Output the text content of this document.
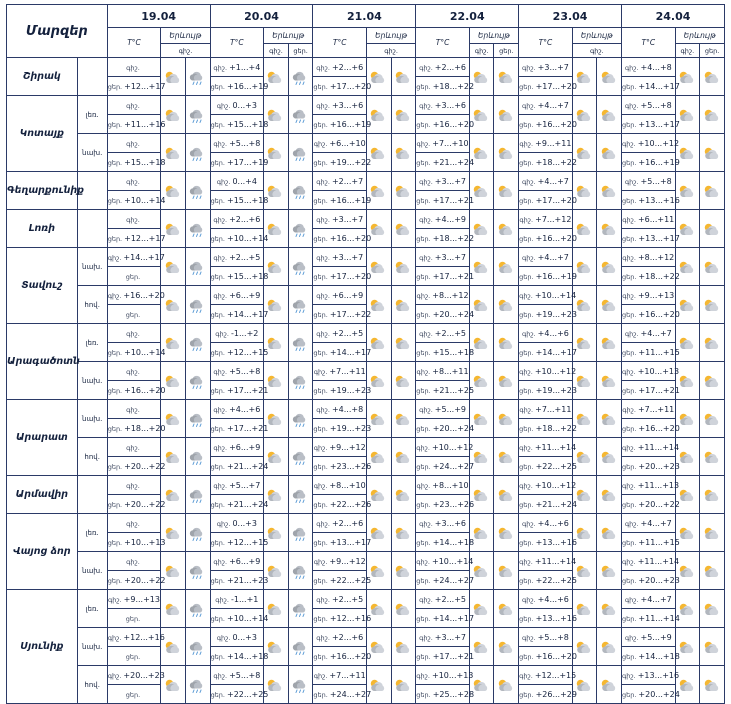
Մարզեր		19.04			20.04			21.04			22.04			23.04			24.04		
		T°C	Երևույթ		T°C	Երևույթ		T°C	Երևույթ		T°C	Երևույթ		T°C	Երևույթ		T°C	Երևույթ	
			գիշ.			գիշ.	ցեր.		գիշ.			գիշ.	ցեր.		գիշ.			գիշ.	ցեր.
Շիրակ		գիշ.			գիշ. +1...+4			գիշ. +2...+6			գիշ. +2...+6			գիշ. +3...+7			գիշ. +4...+8		
		ցեր. +12...+17			ցեր. +16...+19			ցեր. +17...+20			ցեր. +18...+22			ցեր. +17...+20			ցեր. +14...+17		
Կոտայք	լեռ.	գիշ.			գիշ. 0...+3			գիշ. +3...+6			գիշ. +3...+6			գիշ. +4...+7			գիշ. +5...+8		
		ցեր. +11...+16			ցեր. +15...+18			ցեր. +16...+19			ցեր. +16...+20			ցեր. +16...+20			ցեր. +13...+17		

	նախ.	գիշ.			գիշ. +5...+8			գիշ. +6...+10			գիշ. +7...+10			գիշ. +9...+11			գիշ. +10...+12		
		ցեր. +15...+18			ցեր. +17...+19			ցեր. +19...+22			ցեր. +21...+24			ցեր. +18...+22			ցեր. +16...+19		
Գեղարքունիք		գիշ.			գիշ. 0...+4			գիշ. +2...+7			գիշ. +3...+7			գիշ. +4...+7			գիշ. +5...+8		
		ցեր. +10...+14			ցեր. +15...+18			ցեր. +16...+19			ցեր. +17...+21			ցեր. +17...+20			ցեր. +13...+16		
Լոռի		գիշ.			գիշ. +2...+6			գիշ. +3...+7			գիշ. +4...+9			գիշ. +7...+12			գիշ. +6...+11		
		ցեր. +12...+17			ցեր. +10...+14			ցեր. +16...+20			ցեր. +18...+22			ցեր. +16...+20			ցեր. +13...+17		
Տավուշ	նախ.	գիշ. +14...+17			գիշ. +2...+5			գիշ. +3...+7			գիշ. +3...+7			գիշ. +4...+7			գիշ. +8...+12		
		ցեր.			ցեր. +15...+18			ցեր. +17...+20			ցեր. +17...+21			ցեր. +16...+19			ցեր. +18...+22		

	հով.	գիշ. +16...+20			գիշ. +6...+9			գիշ. +6...+9			գիշ. +8...+12			գիշ. +10...+14			գիշ. +9...+13		
		ցեր.			ցեր. +14...+17			ցեր. +17...+22			ցեր. +20...+24			ցեր. +19...+23			ցեր. +16...+20		
Արագածոտն	լեռ.	գիշ.			գիշ. -1...+2			գիշ. +2...+5			գիշ. +2...+5			գիշ. +4...+6			գիշ. +4...+7		
		ցեր. +10...+14			ցեր. +12...+15			ցեր. +14...+17			ցեր. +15...+18			ցեր. +14...+17			ցեր. +11...+15		

	նախ.	գիշ.			գիշ. +5...+8			գիշ. +7...+11			գիշ. +8...+11			գիշ. +10...+12			գիշ. +10...+13		
		ցեր. +16...+20			ցեր. +17...+21			ցեր. +19...+23			ցեր. +21...+25			ցեր. +19...+23			ցեր. +17...+21		
Արարատ	նախ.	գիշ.			գիշ. +4...+6			գիշ. +4...+8			գիշ. +5...+9			գիշ. +7...+11			գիշ. +7...+11		
		ցեր. +18...+20			ցեր. +17...+21			ցեր. +19...+23			ցեր. +20...+24			ցեր. +18...+22			ցեր. +16...+20		

	հով.	գիշ.			գիշ. +6...+9			գիշ. +9...+12			գիշ. +10...+12			գիշ. +11...+14			գիշ. +11...+14		
		ցեր. +20...+22			ցեր. +21...+24			ցեր. +23...+26			ցեր. +24...+27			ցեր. +22...+25			ցեր. +20...+23		
Արմավիր		գիշ.			գիշ. +5...+7			գիշ. +8...+10			գիշ. +8...+10			գիշ. +10...+12			գիշ. +11...+13		
		ցեր. +20...+22			ցեր. +21...+24			ցեր. +22...+26			ցեր. +23...+26			ցեր. +21...+24			ցեր. +20...+22		
Վայոց ձոր	լեռ.	գիշ.			գիշ. 0...+3			գիշ. +2...+6			գիշ. +3...+6			գիշ. +4...+6			գիշ. +4...+7		
		ցեր. +10...+13			ցեր. +12...+15			ցեր. +13...+17			ցեր. +14...+18			ցեր. +13...+16			ցեր. +11...+15		

	նախ.	գիշ.			գիշ. +6...+9			գիշ. +9...+12			գիշ. +10...+14			գիշ. +11...+14			գիշ. +11...+14		
		ցեր. +20...+22			ցեր. +21...+23			ցեր. +22...+25			ցեր. +24...+27			ցեր. +22...+25			ցեր. +20...+23		
Սյունիք	լեռ.	գիշ. +9...+13			գիշ. -1...+1			գիշ. +2...+5			գիշ. +2...+5			գիշ. +4...+6			գիշ. +4...+7		
		ցեր.			ցեր. +10...+14			ցեր. +12...+16			ցեր. +14...+17			ցեր. +13...+16			ցեր. +11...+14		

	նախ.	գիշ. +12...+16			գիշ. 0...+3			գիշ. +2...+6			գիշ. +3...+7			գիշ. +5...+8			գիշ. +5...+9		
		ցեր.			ցեր. +14...+18			ցեր. +16...+20			ցեր. +17...+21			ցեր. +16...+20			ցեր. +14...+18		

	հով.	գիշ. +20...+23			գիշ. +5...+8			գիշ. +7...+11			գիշ. +10...+13			գիշ. +12...+15			գիշ. +13...+16		
		ցեր.			ցեր. +22...+25			ցեր. +24...+27			ցեր. +25...+28			ցեր. +26...+29			ցեր. +20...+24		
